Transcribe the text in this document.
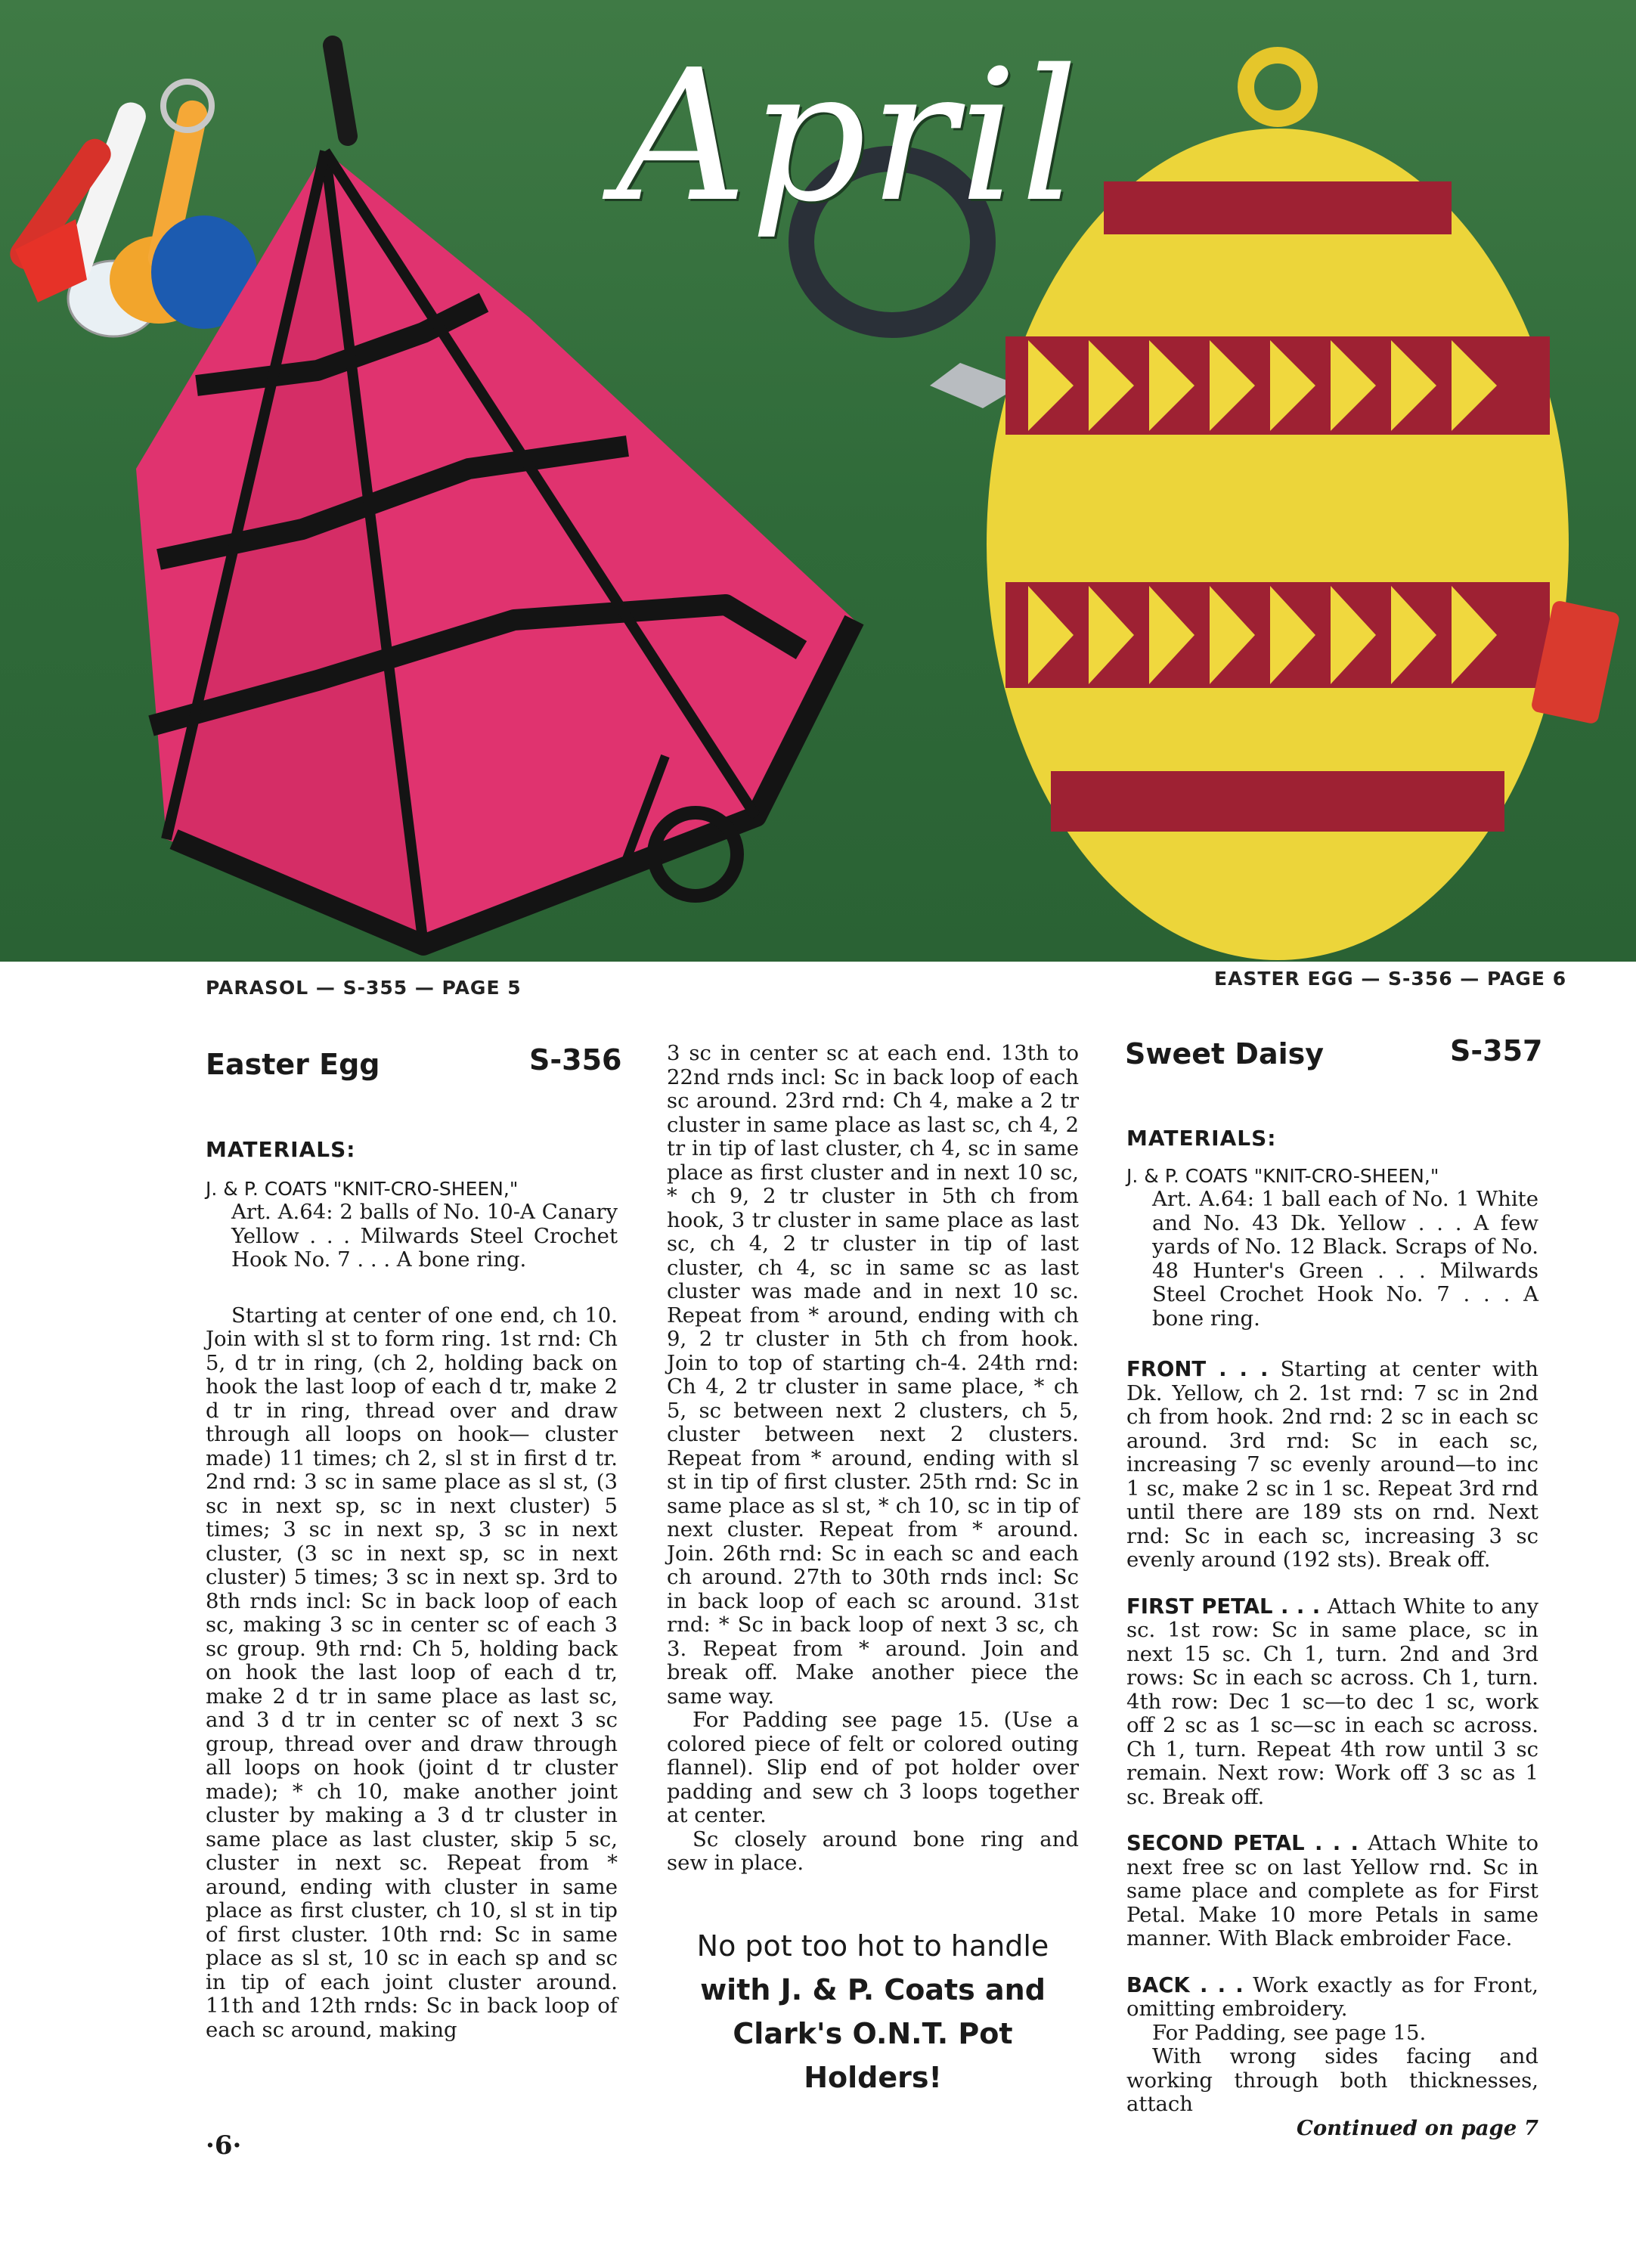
April
PARASOL — S-355 — PAGE 5	EASTER EGG — S-356 — PAGE 6
Easter Egg	S-356

MATERIALS:

J. & P. COATS "KNIT-CRO-SHEEN,"

Art. A.64: 2 balls of No. 10-A Canary Yellow . . . Milwards Steel Crochet Hook No. 7 . . . A bone ring.

Starting at center of one end, ch 10. Join with sl st to form ring. 1st rnd: Ch 5, d tr in ring, (ch 2, holding back on hook the last loop of each d tr, make 2 d tr in ring, thread over and draw through all loops on hook— cluster made) 11 times; ch 2, sl st in first d tr. 2nd rnd: 3 sc in same place as sl st, (3 sc in next sp, sc in next cluster) 5 times; 3 sc in next sp, 3 sc in next cluster, (3 sc in next sp, sc in next cluster) 5 times; 3 sc in next sp. 3rd to 8th rnds incl: Sc in back loop of each sc, making 3 sc in center sc of each 3 sc group. 9th rnd: Ch 5, holding back on hook the last loop of each d tr, make 2 d tr in same place as last sc, and 3 d tr in center sc of next 3 sc group, thread over and draw through all loops on hook (joint d tr cluster made); * ch 10, make another joint cluster by making a 3 d tr cluster in same place as last cluster, skip 5 sc, cluster in next sc. Repeat from * around, ending with cluster in same place as first cluster, ch 10, sl st in tip of first cluster. 10th rnd: Sc in same place as sl st, 10 sc in each sp and sc in tip of each joint cluster around. 11th and 12th rnds: Sc in back loop of each sc around, making

3 sc in center sc at each end. 13th to 22nd rnds incl: Sc in back loop of each sc around. 23rd rnd: Ch 4, make a 2 tr cluster in same place as last sc, ch 4, 2 tr in tip of last cluster, ch 4, sc in same place as first cluster and in next 10 sc, * ch 9, 2 tr cluster in 5th ch from hook, 3 tr cluster in same place as last sc, ch 4, 2 tr cluster in tip of last cluster, ch 4, sc in same sc as last cluster was made and in next 10 sc. Repeat from * around, ending with ch 9, 2 tr cluster in 5th ch from hook. Join to top of starting ch-4. 24th rnd: Ch 4, 2 tr cluster in same place, * ch 5, sc between next 2 clusters, ch 5, cluster between next 2 clusters. Repeat from * around, ending with sl st in tip of first cluster. 25th rnd: Sc in same place as sl st, * ch 10, sc in tip of next cluster. Repeat from * around. Join. 26th rnd: Sc in each sc and each ch around. 27th to 30th rnds incl: Sc in back loop of each sc around. 31st rnd: * Sc in back loop of next 3 sc, ch 3. Repeat from * around. Join and break off. Make another piece the same way.

For Padding see page 15. (Use a colored piece of felt or colored outing flannel). Slip end of pot holder over padding and sew ch 3 loops together at center.

Sc closely around bone ring and sew in place.

No pot too hot to handle
with J. & P. Coats and
Clark's O.N.T. Pot Holders!
Sweet Daisy	S-357

MATERIALS:

J. & P. COATS "KNIT-CRO-SHEEN,"

Art. A.64: 1 ball each of No. 1 White and No. 43 Dk. Yellow . . . A few yards of No. 12 Black. Scraps of No. 48 Hunter's Green . . . Milwards Steel Crochet Hook No. 7 . . . A bone ring.

FRONT . . . Starting at center with Dk. Yellow, ch 2. 1st rnd: 7 sc in 2nd ch from hook. 2nd rnd: 2 sc in each sc around. 3rd rnd: Sc in each sc, increasing 7 sc evenly around—to inc 1 sc, make 2 sc in 1 sc. Repeat 3rd rnd until there are 189 sts on rnd. Next rnd: Sc in each sc, increasing 3 sc evenly around (192 sts). Break off.

FIRST PETAL . . . Attach White to any sc. 1st row: Sc in same place, sc in next 15 sc. Ch 1, turn. 2nd and 3rd rows: Sc in each sc across. Ch 1, turn. 4th row: Dec 1 sc—to dec 1 sc, work off 2 sc as 1 sc—sc in each sc across. Ch 1, turn. Repeat 4th row until 3 sc remain. Next row: Work off 3 sc as 1 sc. Break off.

SECOND PETAL . . . Attach White to next free sc on last Yellow rnd. Sc in same place and complete as for First Petal. Make 10 more Petals in same manner. With Black embroider Face.

BACK . . . Work exactly as for Front, omitting embroidery.

For Padding, see page 15.

With wrong sides facing and working through both thicknesses, attach

Continued on page 7

·6·
